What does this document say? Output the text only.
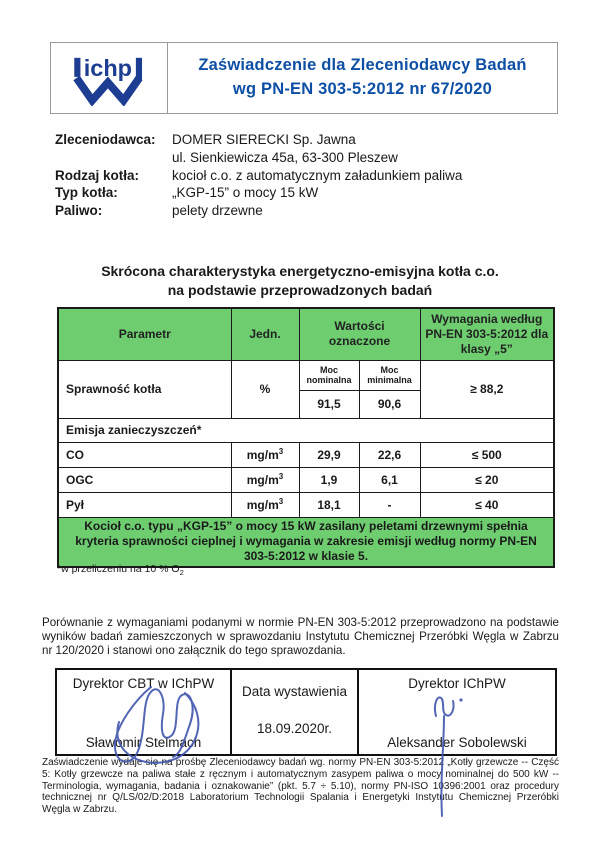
ichp	Zaświadczenie dla Zleceniodawcy Badań
wg PN-EN 303-5:2012 nr 67/2020
Zleceniodawca:	DOMER SIERECKI Sp. Jawna
ul. Sienkiewicza 45a, 63-300 Pleszew
Rodzaj kotła:	kocioł c.o. z automatycznym załadunkiem paliwa
Typ kotła:	„KGP-15” o mocy 15 kW
Paliwo:	pelety drzewne
Skrócona charakterystyka energetyczno-emisyjna kotła c.o.
na podstawie przeprowadzonych badań
Parametr	Jedn.	Wartości oznaczone		Wymagania według PN-EN 303-5:2012 dla klasy „5”
Sprawność kotła	%	Moc nominalna	Moc minimalna	≥ 88,2
		91,5	90,6	
Emisja zanieczyszczeń*				
CO	$mg/m^3$	29,9	22,6	≤ 500
OGC	$mg/m^3$	1,9	6,1	≤ 20
Pył	$mg/m^3$	18,1	-	≤ 40
Kocioł c.o. typu „KGP-15” o mocy 15 kW zasilany peletami drzewnymi spełnia kryteria sprawności cieplnej i wymagania w zakresie emisji według normy PN-EN 303-5:2012 w klasie 5.				
*w przeliczeniu na 10 % $O_2$

Porównanie z wymaganiami podanymi w normie PN-EN 303-5:2012 przeprowadzono na podstawie wyników badań zamieszczonych w sprawozdaniu Instytutu Chemicznej Przeróbki Węgla w Zabrzu nr 120/2020 i stanowi ono załącznik do tego sprawozdania.

Dyrektor CBT w IChPW
Sławomir Stelmach

Data wystawienia
18.09.2020r.

Dyrektor IChPW
Aleksander Sobolewski

Zaświadczenie wydaje się na prośbę Zleceniodawcy badań wg. normy PN-EN 303-5:2012 „Kotły grzewcze -- Część 5: Kotły grzewcze na paliwa stałe z ręcznym i automatycznym zasypem paliwa o mocy nominalnej do 500 kW -- Terminologia, wymagania, badania i oznakowanie” (pkt. 5.7 ÷ 5.10), normy PN-ISO 10396:2001 oraz procedury technicznej nr Q/LS/02/D:2018 Laboratorium Technologii Spalania i Energetyki Instytutu Chemicznej Przeróbki Węgla w Zabrzu.
